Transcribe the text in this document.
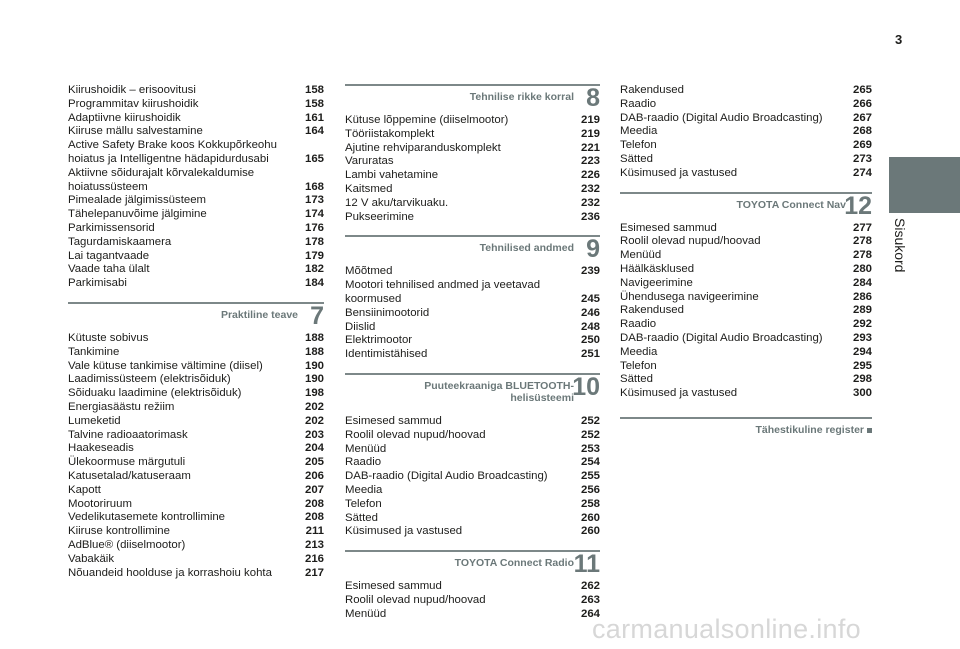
3
Sisukord
Kiirushoidik – erisoovitusi	158
Programmitav kiirushoidik	158
Adaptiivne kiirushoidik	161
Kiiruse mällu salvestamine	164
Active Safety Brake koos Kokkupõrkeohu hoiatus ja Intelligentne hädapidurdusabi	165
Aktiivne sõidurajalt kõrvalekaldumise hoiatussüsteem	168
Pimealade jälgimissüsteem	173
Tähelepanuvõime jälgimine	174
Parkimissensorid	176
Tagurdamiskaamera	178
Lai tagantvaade	179
Vaade taha ülalt	182
Parkimisabi	184
Praktiline teave 7
Kütuste sobivus	188
Tankimine	188
Vale kütuse tankimise vältimine (diisel)	190
Laadimissüsteem (elektrisõiduk)	190
Sõiduaku laadimine (elektrisõiduk)	198
Energiasäästu režiim	202
Lumeketid	202
Talvine radioaatorimask	203
Haakeseadis	204
Ülekoormuse märgutuli	205
Katusetalad/katuseraam	206
Kapott	207
Mootoriruum	208
Vedelikutasemete kontrollimine	208
Kiiruse kontrollimine	211
AdBlue® (diiselmootor)	213
Vabakäik	216
Nõuandeid hoolduse ja korrashoiu kohta	217
Tehnilise rikke korral 8
Kütuse lõppemine (diiselmootor)	219
Tööriistakomplekt	219
Ajutine rehviparanduskomplekt	221
Varuratas	223
Lambi vahetamine	226
Kaitsmed	232
12 V aku/tarvikuaku.	232
Pukseerimine	236
Tehnilised andmed 9
Mõõtmed	239
Mootori tehnilised andmed ja veetavad koormused	245
Bensiinimootorid	246
Diislid	248
Elektrimootor	250
Identimistähised	251
Puuteekraaniga BLUETOOTH-helisüsteemi
10
Esimesed sammud	252
Roolil olevad nupud/hoovad	252
Menüüd	253
Raadio	254
DAB-raadio (Digital Audio Broadcasting)	255
Meedia	256
Telefon	258
Sätted	260
Küsimused ja vastused	260
TOYOTA Connect Radio 11
Esimesed sammud	262
Roolil olevad nupud/hoovad	263
Menüüd	264
Rakendused	265
Raadio	266
DAB-raadio (Digital Audio Broadcasting)	267
Meedia	268
Telefon	269
Sätted	273
Küsimused ja vastused	274
TOYOTA Connect Nav
12
Esimesed sammud	277
Roolil olevad nupud/hoovad	278
Menüüd	278
Häälkäsklused	280
Navigeerimine	284
Ühendusega navigeerimine	286
Rakendused	289
Raadio	292
DAB-raadio (Digital Audio Broadcasting)	293
Meedia	294
Telefon	295
Sätted	298
Küsimused ja vastused	300
Tähestikuline register
carmanualsonline.info
